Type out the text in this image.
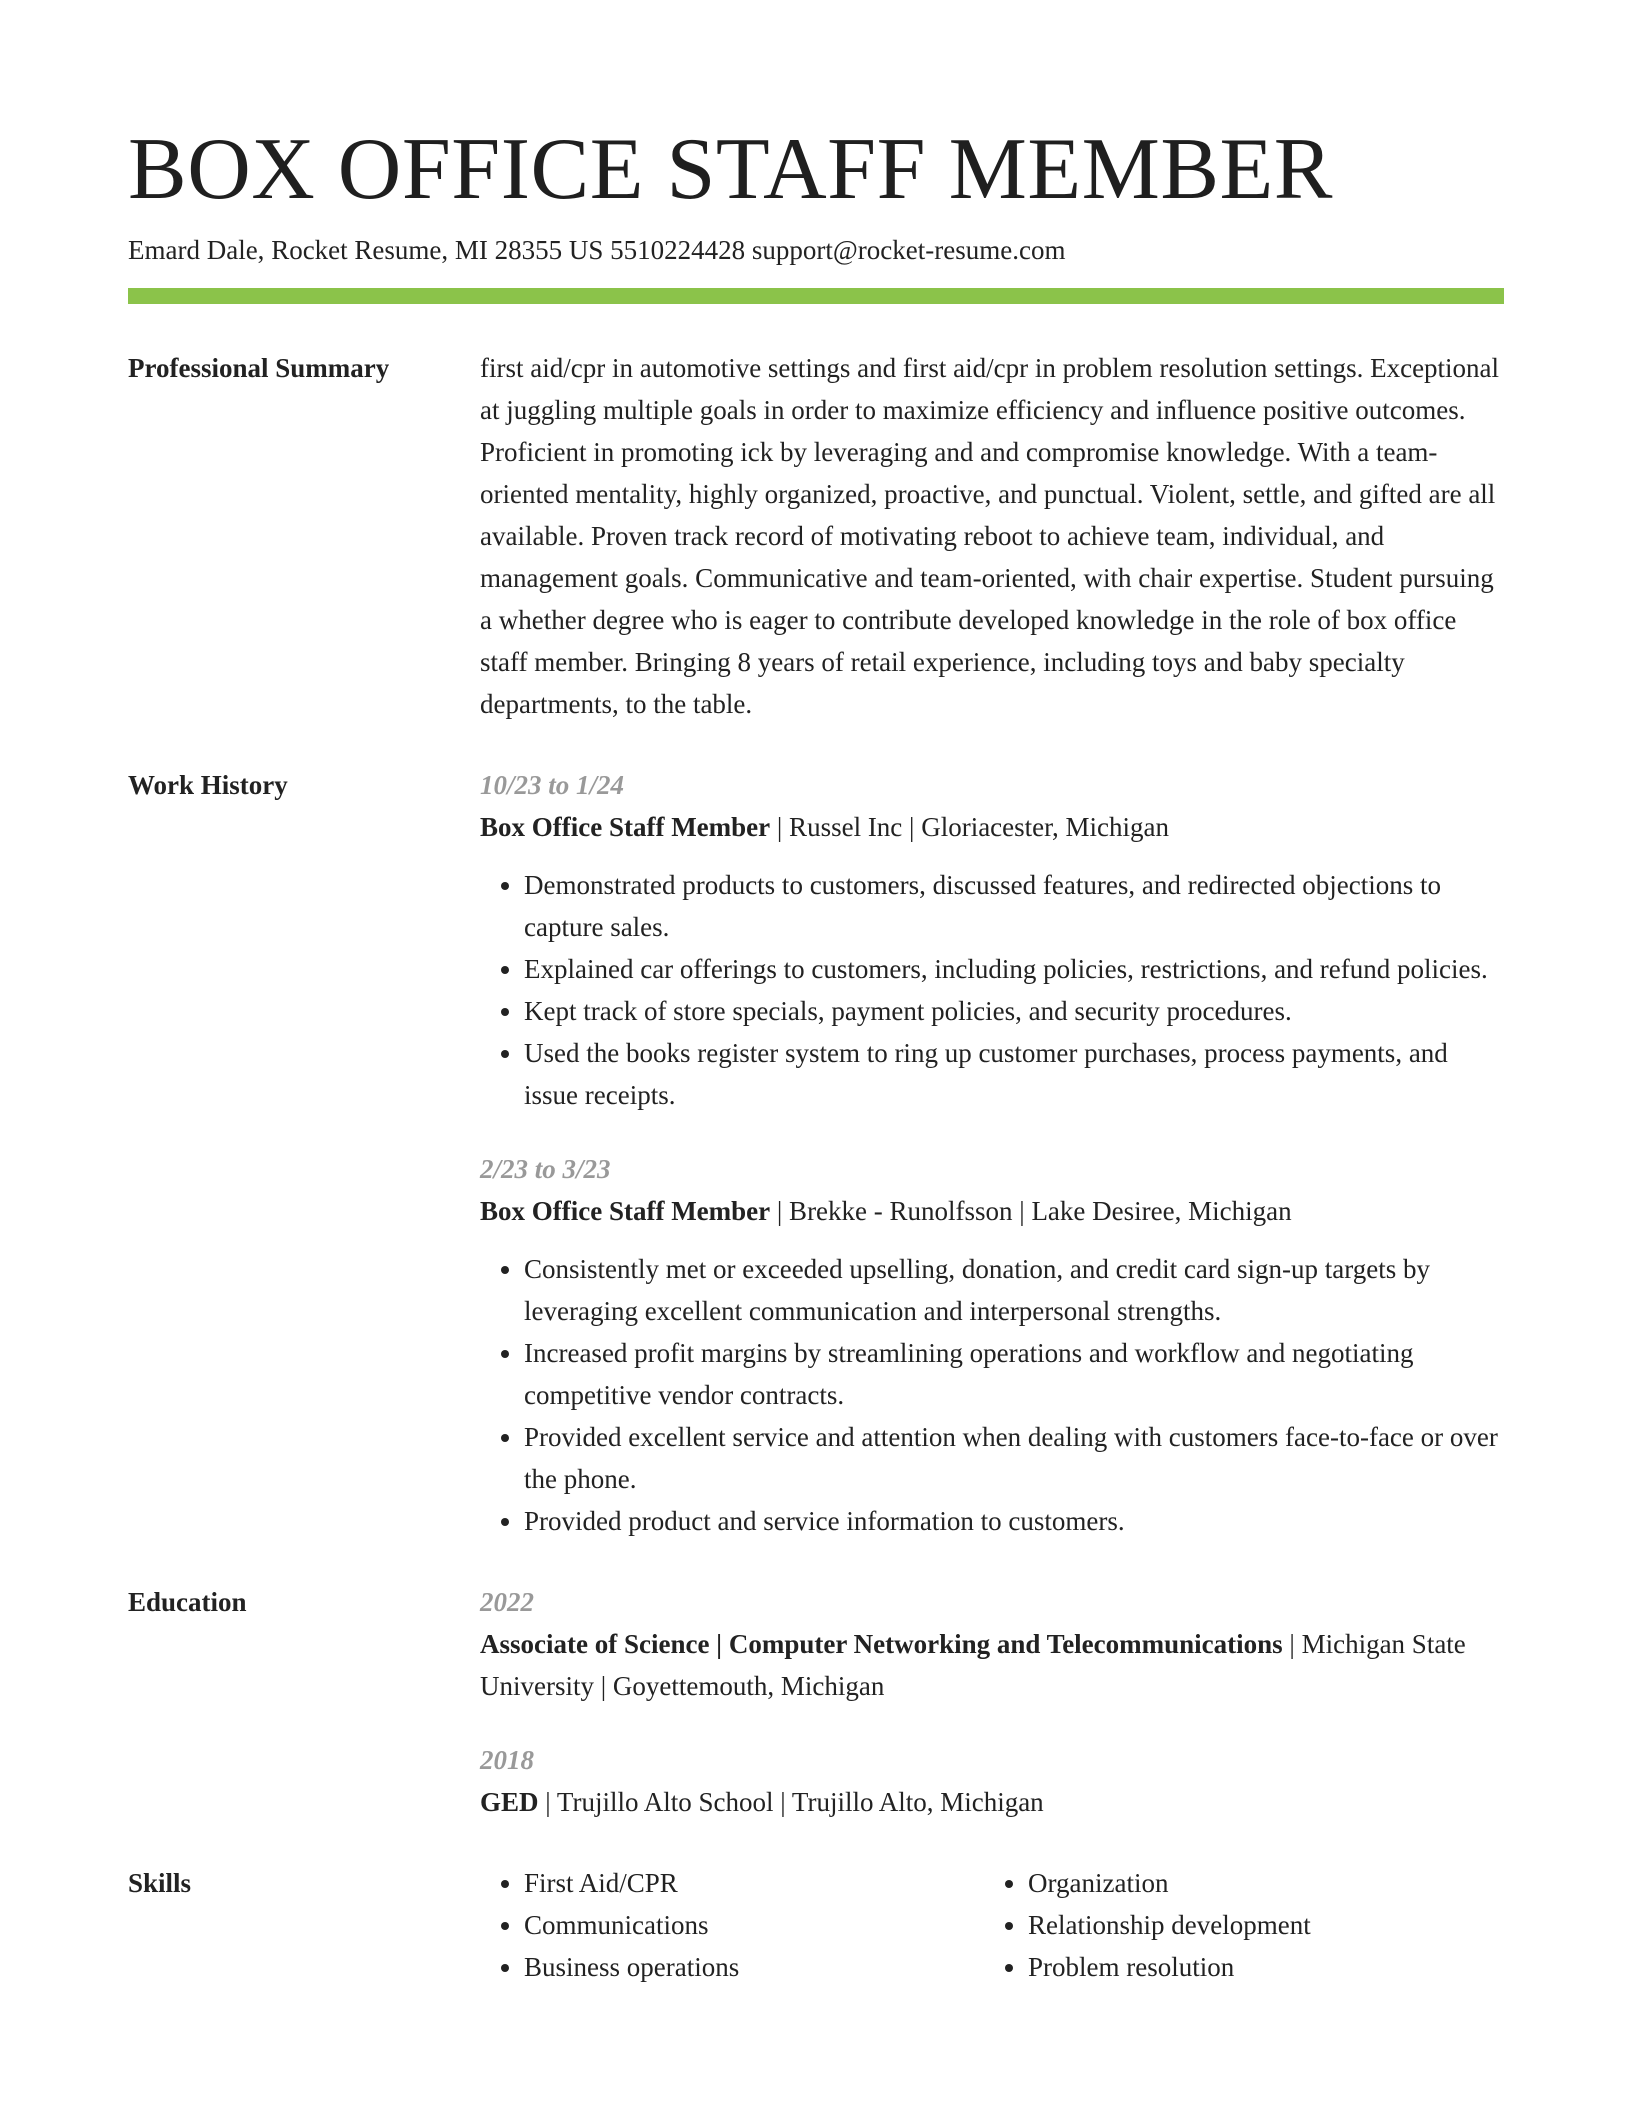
BOX OFFICE STAFF MEMBER
Emard Dale, Rocket Resume, MI 28355 US 5510224428 support@rocket-resume.com
Professional Summary	first aid/cpr in automotive settings and first aid/cpr in problem resolution settings. Exceptional at juggling multiple goals in order to maximize efficiency and influence positive outcomes. Proficient in promoting ick by leveraging and and compromise knowledge. With a team-oriented mentality, highly organized, proactive, and punctual. Violent, settle, and gifted are all available. Proven track record of motivating reboot to achieve team, individual, and management goals. Communicative and team-oriented, with chair expertise. Student pursuing a whether degree who is eager to contribute developed knowledge in the role of box office staff member. Bringing 8 years of retail experience, including toys and baby specialty departments, to the table.

Work History	10/23 to 1/24
Box Office Staff Member | Russel Inc | Gloriacester, Michigan
• Demonstrated products to customers, discussed features, and redirected objections to capture sales.
• Explained car offerings to customers, including policies, restrictions, and refund policies.
• Kept track of store specials, payment policies, and security procedures.
• Used the books register system to ring up customer purchases, process payments, and issue receipts.
2/23 to 3/23
Box Office Staff Member | Brekke - Runolfsson | Lake Desiree, Michigan
• Consistently met or exceeded upselling, donation, and credit card sign-up targets by leveraging excellent communication and interpersonal strengths.
• Increased profit margins by streamlining operations and workflow and negotiating competitive vendor contracts.
• Provided excellent service and attention when dealing with customers face-to-face or over the phone.
• Provided product and service information to customers.
Education	2022
Associate of Science | Computer Networking and Telecommunications | Michigan State University | Goyettemouth, Michigan
2018
GED | Trujillo Alto School | Trujillo Alto, Michigan
Skills
•	First Aid/CPR
• Communications
• Business operations
• Organization
• Relationship development
• Problem resolution
